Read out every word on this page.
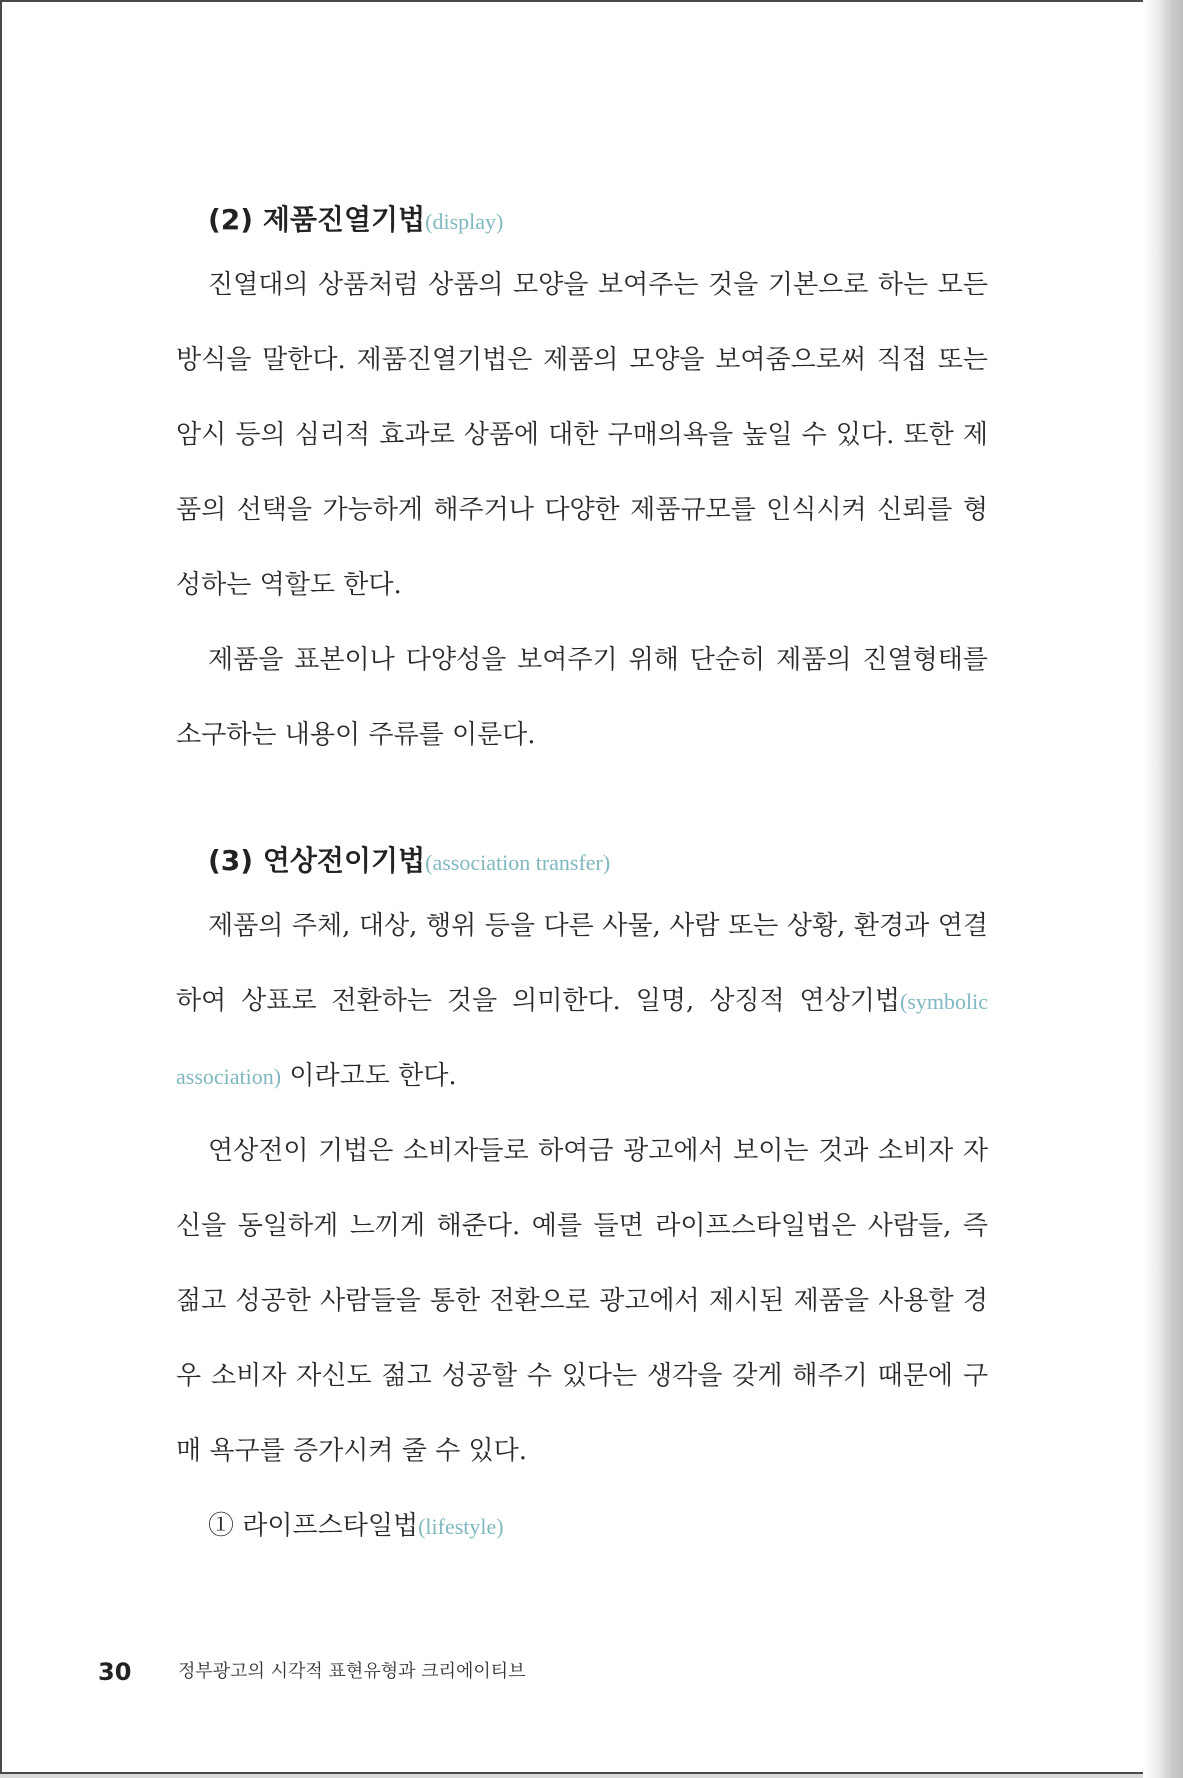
(2) 제품진열기법(display)

진열대의 상품처럼 상품의 모양을 보여주는 것을 기본으로 하는 모든 방식을 말한다. 제품진열기법은 제품의 모양을 보여줌으로써 직접 또는 암시 등의 심리적 효과로 상품에 대한 구매의욕을 높일 수 있다. 또한 제품의 선택을 가능하게 해주거나 다양한 제품규모를 인식시켜 신뢰를 형성하는 역할도 한다.

제품을 표본이나 다양성을 보여주기 위해 단순히 제품의 진열형태를 소구하는 내용이 주류를 이룬다.

(3) 연상전이기법(association transfer)

제품의 주체, 대상, 행위 등을 다른 사물, 사람 또는 상황, 환경과 연결하여 상표로 전환하는 것을 의미한다. 일명, 상징적 연상기법(symbolic association) 이라고도 한다.

연상전이 기법은 소비자들로 하여금 광고에서 보이는 것과 소비자 자신을 동일하게 느끼게 해준다. 예를 들면 라이프스타일법은 사람들, 즉 젊고 성공한 사람들을 통한 전환으로 광고에서 제시된 제품을 사용할 경우 소비자 자신도 젊고 성공할 수 있다는 생각을 갖게 해주기 때문에 구매 욕구를 증가시켜 줄 수 있다.

① 라이프스타일법(lifestyle)

30	정부광고의 시각적 표현유형과 크리에이티브
